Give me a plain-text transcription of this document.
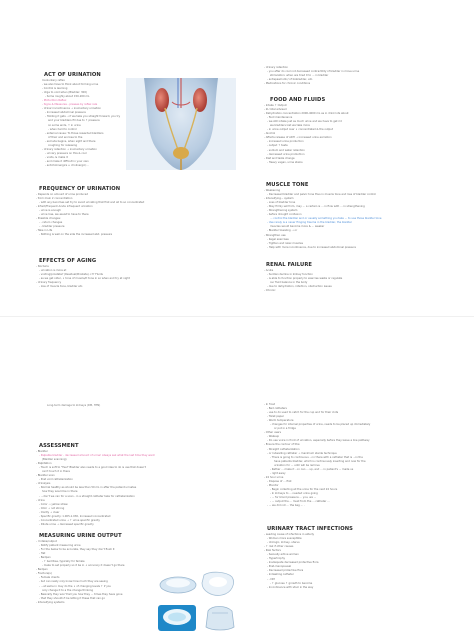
ACT OF URINATION
Involuntary reflex
- we also have to think about forming urine
- Control is learning
- Urge to void when (Bladder: 300)
- Some roughly about 150-200 mL
- Micturition Reflex
- Signs & Measures - presses by reflex rele
- Urinari incontinence → involuntary urination
- Increased abdominal pressure
- Holding it gets → if we take you straight forward, you try
and your bladders fill due to ↑ pressure
on some ends, ↑ in urine
- when hard to control
- external cause: To those rewarded bladders
of their and enclose to the
- exclude begins, when sight and there
coughing for releasing
- Urinary retention → involuntary urination
- urinary pressure on this & cool
- voids, & make it
- and make it difficult in your own
- anticholinergics ↔ cholinergic/...
FREQUENCY OF URINATION
- Depends on amount of urine produced
- from main 2 concentration
- with any becomes set try to avoid urinating that first and all to so concentrated
- Infant/Frequent Acute infrequent urination
- urine is enough
- urine loss, we assist to have to there
- Possible changes:
- - return changes
- - bladder pressure
- Take in Life
- Nothing is well on the side the increased abd. pressure
EFFECTS OF AGING
- Nocturia
- urination is more at
- voiding/prostate? (Residual/Prostate) <?? Fluids
- as we get older, ↓ tone of muscle/it tone in so when and try at night
- Urinary frequency
- loss of muscle tone, bladder etc.
- Urinary retention
- you after do cool not decreased contractility of bladder in move urine
stimulation: when are tried it to ... in bladder
- antispasmodic/ of biobladder, etc.
- Medications for chronic conditions
FOOD AND FLUIDS
- Intake ↑ Output
- 2L total advised
- Dehydration concentration 2000-4000 mL as in drink lots about
- fluid maintenance
- we still intake just as much urine and we have to get rid
we bladders lost we take more
- in urine output over ↓ concentrated & the output
- Alcohol
- Affects release of ADH → increased urine excretion
- increased urine production
- output ↑ taste
- sodium and water retention
- decreased urine production
- Diet and taste change
- Heavy vegan, urine stains
MUSCLE TONE
- Weakening
- Decreased bladder and pelvic tone thus in muscle tone and loss of bladder control
- Intensifying... system
- Loss of bladder tone
- Stay firmly set from, may ... a certain is ... in flow with ... in strengthening
- Strengthening system
- before drought confusion
... control the bladder and or usually something you take ... to use those bladder tone
- Use rarely is a never flinging trauma in the bladder, the bladder
muscles would become more & ... weaker
- Bladder toweling → or
- Strengthen use
- Kegel exercises
- Tighten and relax muscles
- Help with more incontinence, due to increased abdominal pressure
RENAL FAILURE
- Acute
- Sudden decline in kidney function
- is able to function properly to exercise waste or regulate
our fluid balance in the body
- due to dehydration, infection, obstruction issues
- Chronic
Long-term damage to kidneys (DM, HTN)
ASSESSMENT
- Bladder
- Palpable bladder - decreased amount of urine! Always ask what the last time they went
(Bladder scanning)
- Palpitation
- Touch is soft to "Feel" Bladder also needs to a good idea to do is use that doesn't
can't touch it in there
- Bladder scan
- Post void catheterization
- Urinalysis
- Normal healthy as should be less than 50 mL in after the patient urinates
how they would be in there
- ...don't we can for a scan - in a straight catheter take for catheterization
- Urine
- Color → yellow straw
- Odor → not strong
- Clarity → clear
- Specific gravity: 1.005-1.030, Increased concentrated
- Concentrated urine → ↑ urine specific gravity
- Dilute urine → decreased specific gravity
MEASURING URINE OUTPUT
- I Intake/output
- Notify patient measuring urine
- For the below to be accurate, they say they don't flush it
- Hat
- Bedpan
- ↑ bed Rise, typically for female
- make to set properly so it be in ↓ accuracy it doesn't go there
- Bedpan
- Fracture(s)
- Female clients
- but can really only know how much they are seeing
- ...at same in may do the ↓ of changing levels ↑ if you
only change it to a the change thinking
- Basically they won't tell you how they ... times they have gone
- that they shouldn't be letting it these that can go
- Intensifying systems
- In frost
- Bed catheters
- use to do used to catch for the cup and for their clots
- Toilet paper
- Warm temperature
- changes for internal properties of urine, needs to be placed up immediately
or put in a fridge
- Other users
- Wakeup
- Do use voice in front of urination, especially before they leave a line pathway
- Ensure the contour of this:
- Straight catheterization
- or Indwelling catheter → maximum sterile technique
- There is going to continuous → in there with a catheter that is ...in the
have patients bladder, which is continuously inserting and now for the
urination for ... until will be remove
- Rather ... make it ...in can ... up, and ... in patient's ... made us
- right away
- 24 hour urine
- Dispose of ... first
- Monitor
- Begin collecting all the urine for the next 24 hours
- In kidneys to ... needed urine going
- ... for blood pressure ... you, we ...
- ... output the ... must from the ... catheter ...
- ... we did not ... the bag ... .
URINARY TRACT INFECTIONS
- Leading cause of infections in elderly
- Women more susceptible
- Urologic, kidney, uterus
- ↑ risk if other causes
- Risk factors
- Sexually active women
- Hypertrophy
- Inadequate decreased protective flora
- Post-menopausal
- Decreased protective flora
- Indwelling catheter
- - DM
- ↑ glucose ↑ growth to become
- Incontinence with stool in the way
